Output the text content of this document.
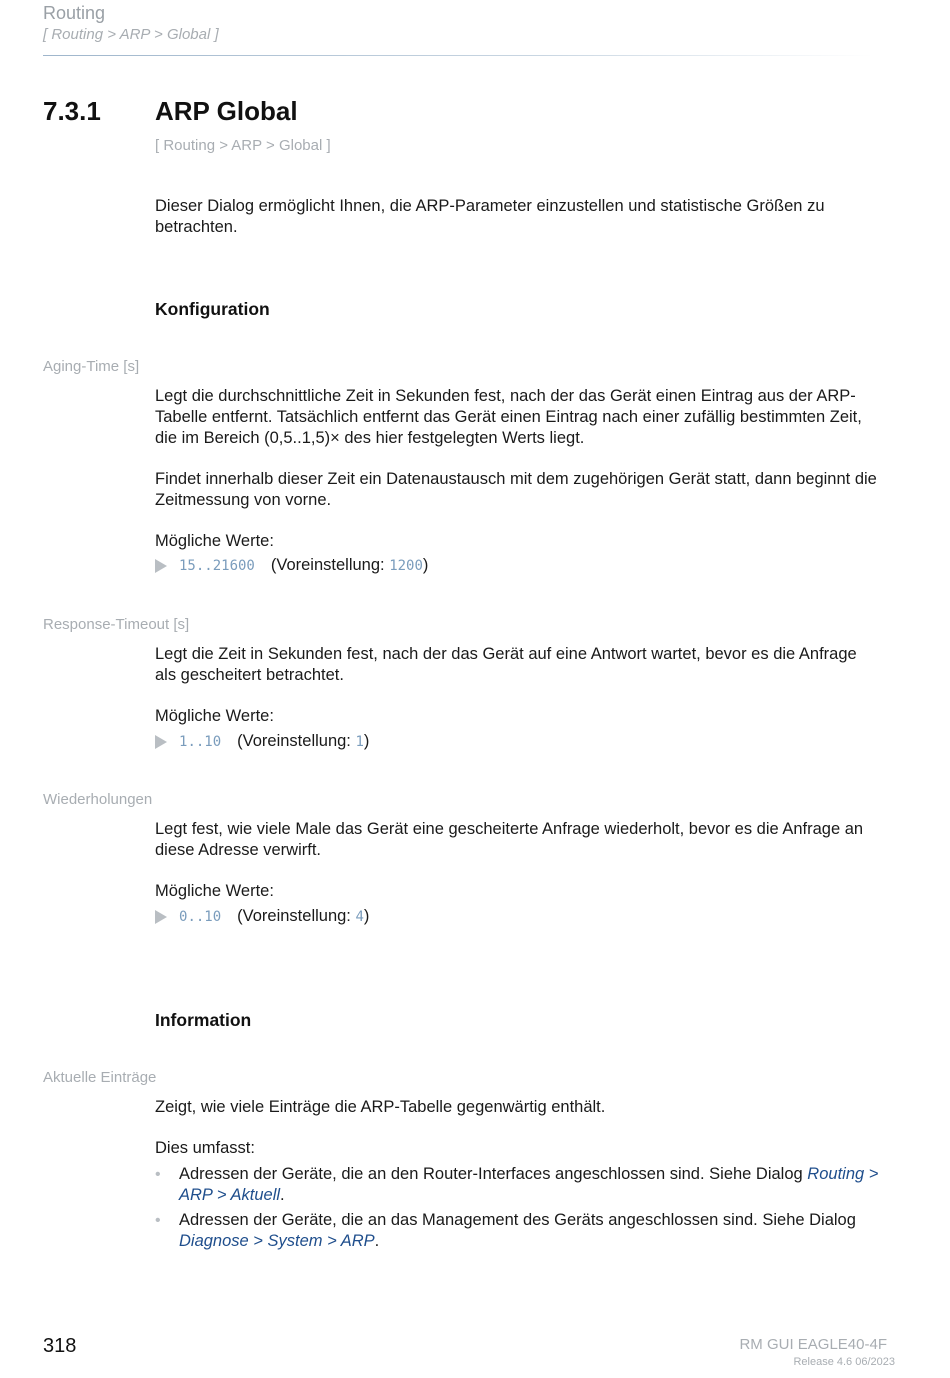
Routing
[ Routing > ARP > Global ]
7.3.1 ARP Global
[ Routing > ARP > Global ]
Dieser Dialog ermöglicht Ihnen, die ARP-Parameter einzustellen und statistische Größen zu
betrachten.
Konfiguration
Aging-Time [s]
Legt die durchschnittliche Zeit in Sekunden fest, nach der das Gerät einen Eintrag aus der ARP-
Tabelle entfernt. Tatsächlich entfernt das Gerät einen Eintrag nach einer zufällig bestimmten Zeit,
die im Bereich (0,5..1,5)× des hier festgelegten Werts liegt.
Findet innerhalb dieser Zeit ein Datenaustausch mit dem zugehörigen Gerät statt, dann beginnt die
Zeitmessung von vorne.
Mögliche Werte:
15 .. 21600 (Voreinstellung: 1200 )
Response-Timeout [s]
Legt die Zeit in Sekunden fest, nach der das Gerät auf eine Antwort wartet, bevor es die Anfrage
als gescheitert betrachtet.
Mögliche Werte:
1 .. 10 (Voreinstellung: 1 )
Wiederholungen
Legt fest, wie viele Male das Gerät eine gescheiterte Anfrage wiederholt, bevor es die Anfrage an
diese Adresse verwirft.
Mögliche Werte:
0 .. 10 (Voreinstellung: 4 )
Information
Aktuelle Einträge
Zeigt, wie viele Einträge die ARP-Tabelle gegenwärtig enthält.
Dies umfasst:
•	Adressen der Geräte, die an den Router-Interfaces angeschlossen sind. Siehe Dialog Routing >
ARP > Aktuell.
•	Adressen der Geräte, die an das Management des Geräts angeschlossen sind. Siehe Dialog
Diagnose > System > ARP.
318	RM GUI EAGLE40-4F
Release 4.6 06/2023
